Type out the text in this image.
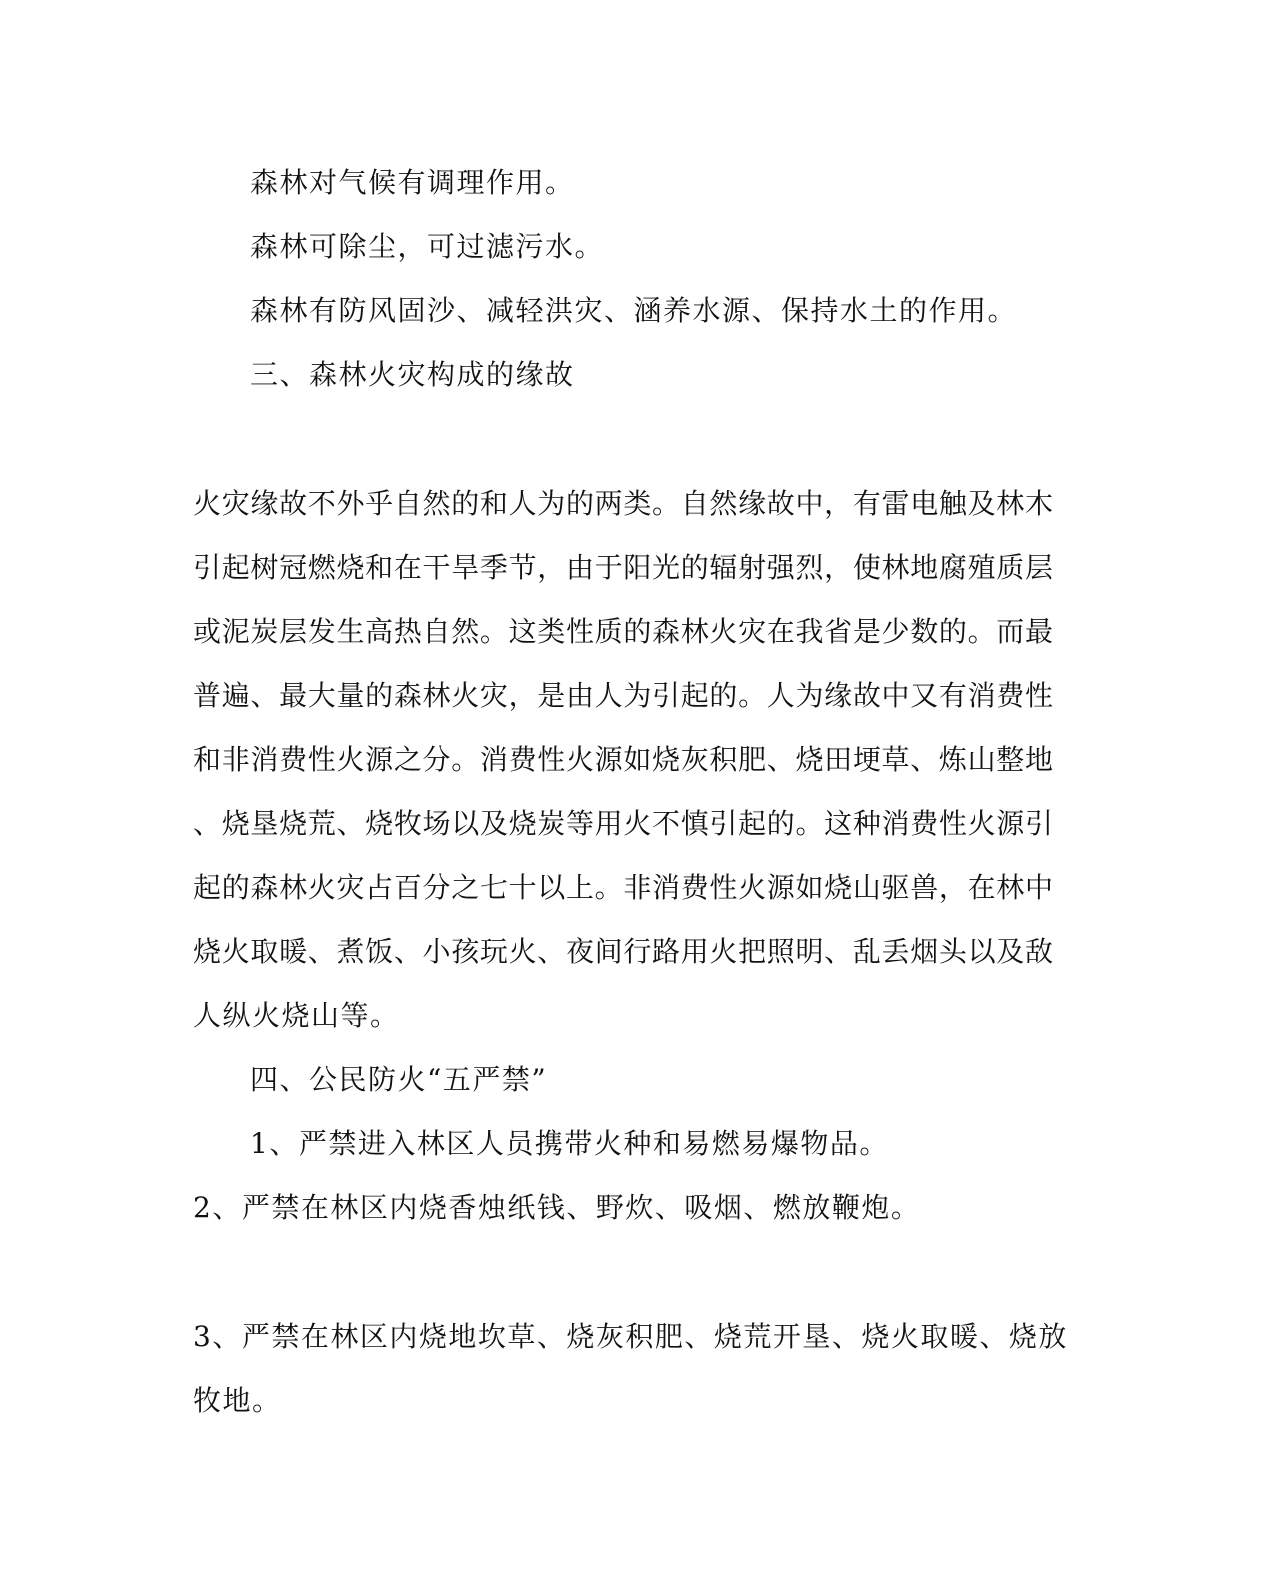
森林对气候有调理作用。

森林可除尘，可过滤污水。

森林有防风固沙、减轻洪灾、涵养水源、保持水土的作用。

三、森林火灾构成的缘故

火灾缘故不外乎自然的和人为的两类。自然缘故中，有雷电触及林木

引起树冠燃烧和在干旱季节，由于阳光的辐射强烈，使林地腐殖质层

或泥炭层发生高热自然。这类性质的森林火灾在我省是少数的。而最

普遍、最大量的森林火灾，是由人为引起的。人为缘故中又有消费性

和非消费性火源之分。消费性火源如烧灰积肥、烧田埂草、炼山整地

、烧垦烧荒、烧牧场以及烧炭等用火不慎引起的。这种消费性火源引

起的森林火灾占百分之七十以上。非消费性火源如烧山驱兽，在林中

烧火取暖、煮饭、小孩玩火、夜间行路用火把照明、乱丢烟头以及敌

人纵火烧山等。

四、公民防火“五严禁”

1、严禁进入林区人员携带火种和易燃易爆物品。

2、严禁在林区内烧香烛纸钱、野炊、吸烟、燃放鞭炮。

3、严禁在林区内烧地坎草、烧灰积肥、烧荒开垦、烧火取暖、烧放

牧地。
